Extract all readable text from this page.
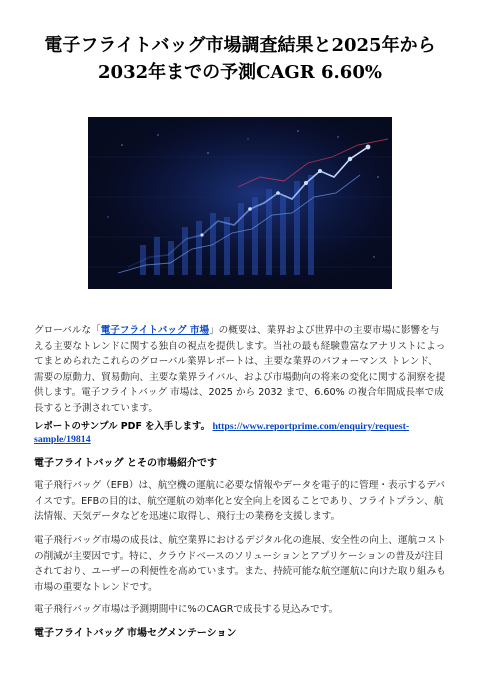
電子フライトバッグ市場調査結果と2025年から
2032年までの予測CAGR 6.60%

グローバルな「電子フライトバッグ 市場」の概要は、業界および世界中の主要市場に影響を与える主要なトレンドに関する独自の視点を提供します。当社の最も経験豊富なアナリストによってまとめられたこれらのグローバル業界レポートは、主要な業界のパフォーマンス トレンド、需要の原動力、貿易動向、主要な業界ライバル、および市場動向の将来の変化に関する洞察を提供します。電子フライトバッグ 市場は、2025 から 2032 まで、6.60% の複合年間成長率で成長すると予測されています。

レポートのサンプル PDF を入手します。 https://www.reportprime.com/enquiry/request-sample/19814

電子フライトバッグ とその市場紹介です

電子飛行バッグ（EFB）は、航空機の運航に必要な情報やデータを電子的に管理・表示するデバイスです。EFBの目的は、航空運航の効率化と安全向上を図ることであり、フライトプラン、航法情報、天気データなどを迅速に取得し、飛行士の業務を支援します。

電子飛行バッグ市場の成長は、航空業界におけるデジタル化の進展、安全性の向上、運航コストの削減が主要因です。特に、クラウドベースのソリューションとアプリケーションの普及が注目されており、ユーザーの利便性を高めています。また、持続可能な航空運航に向けた取り組みも市場の重要なトレンドです。

電子飛行バッグ市場は予測期間中に%のCAGRで成長する見込みです。

電子フライトバッグ 市場セグメンテーション
